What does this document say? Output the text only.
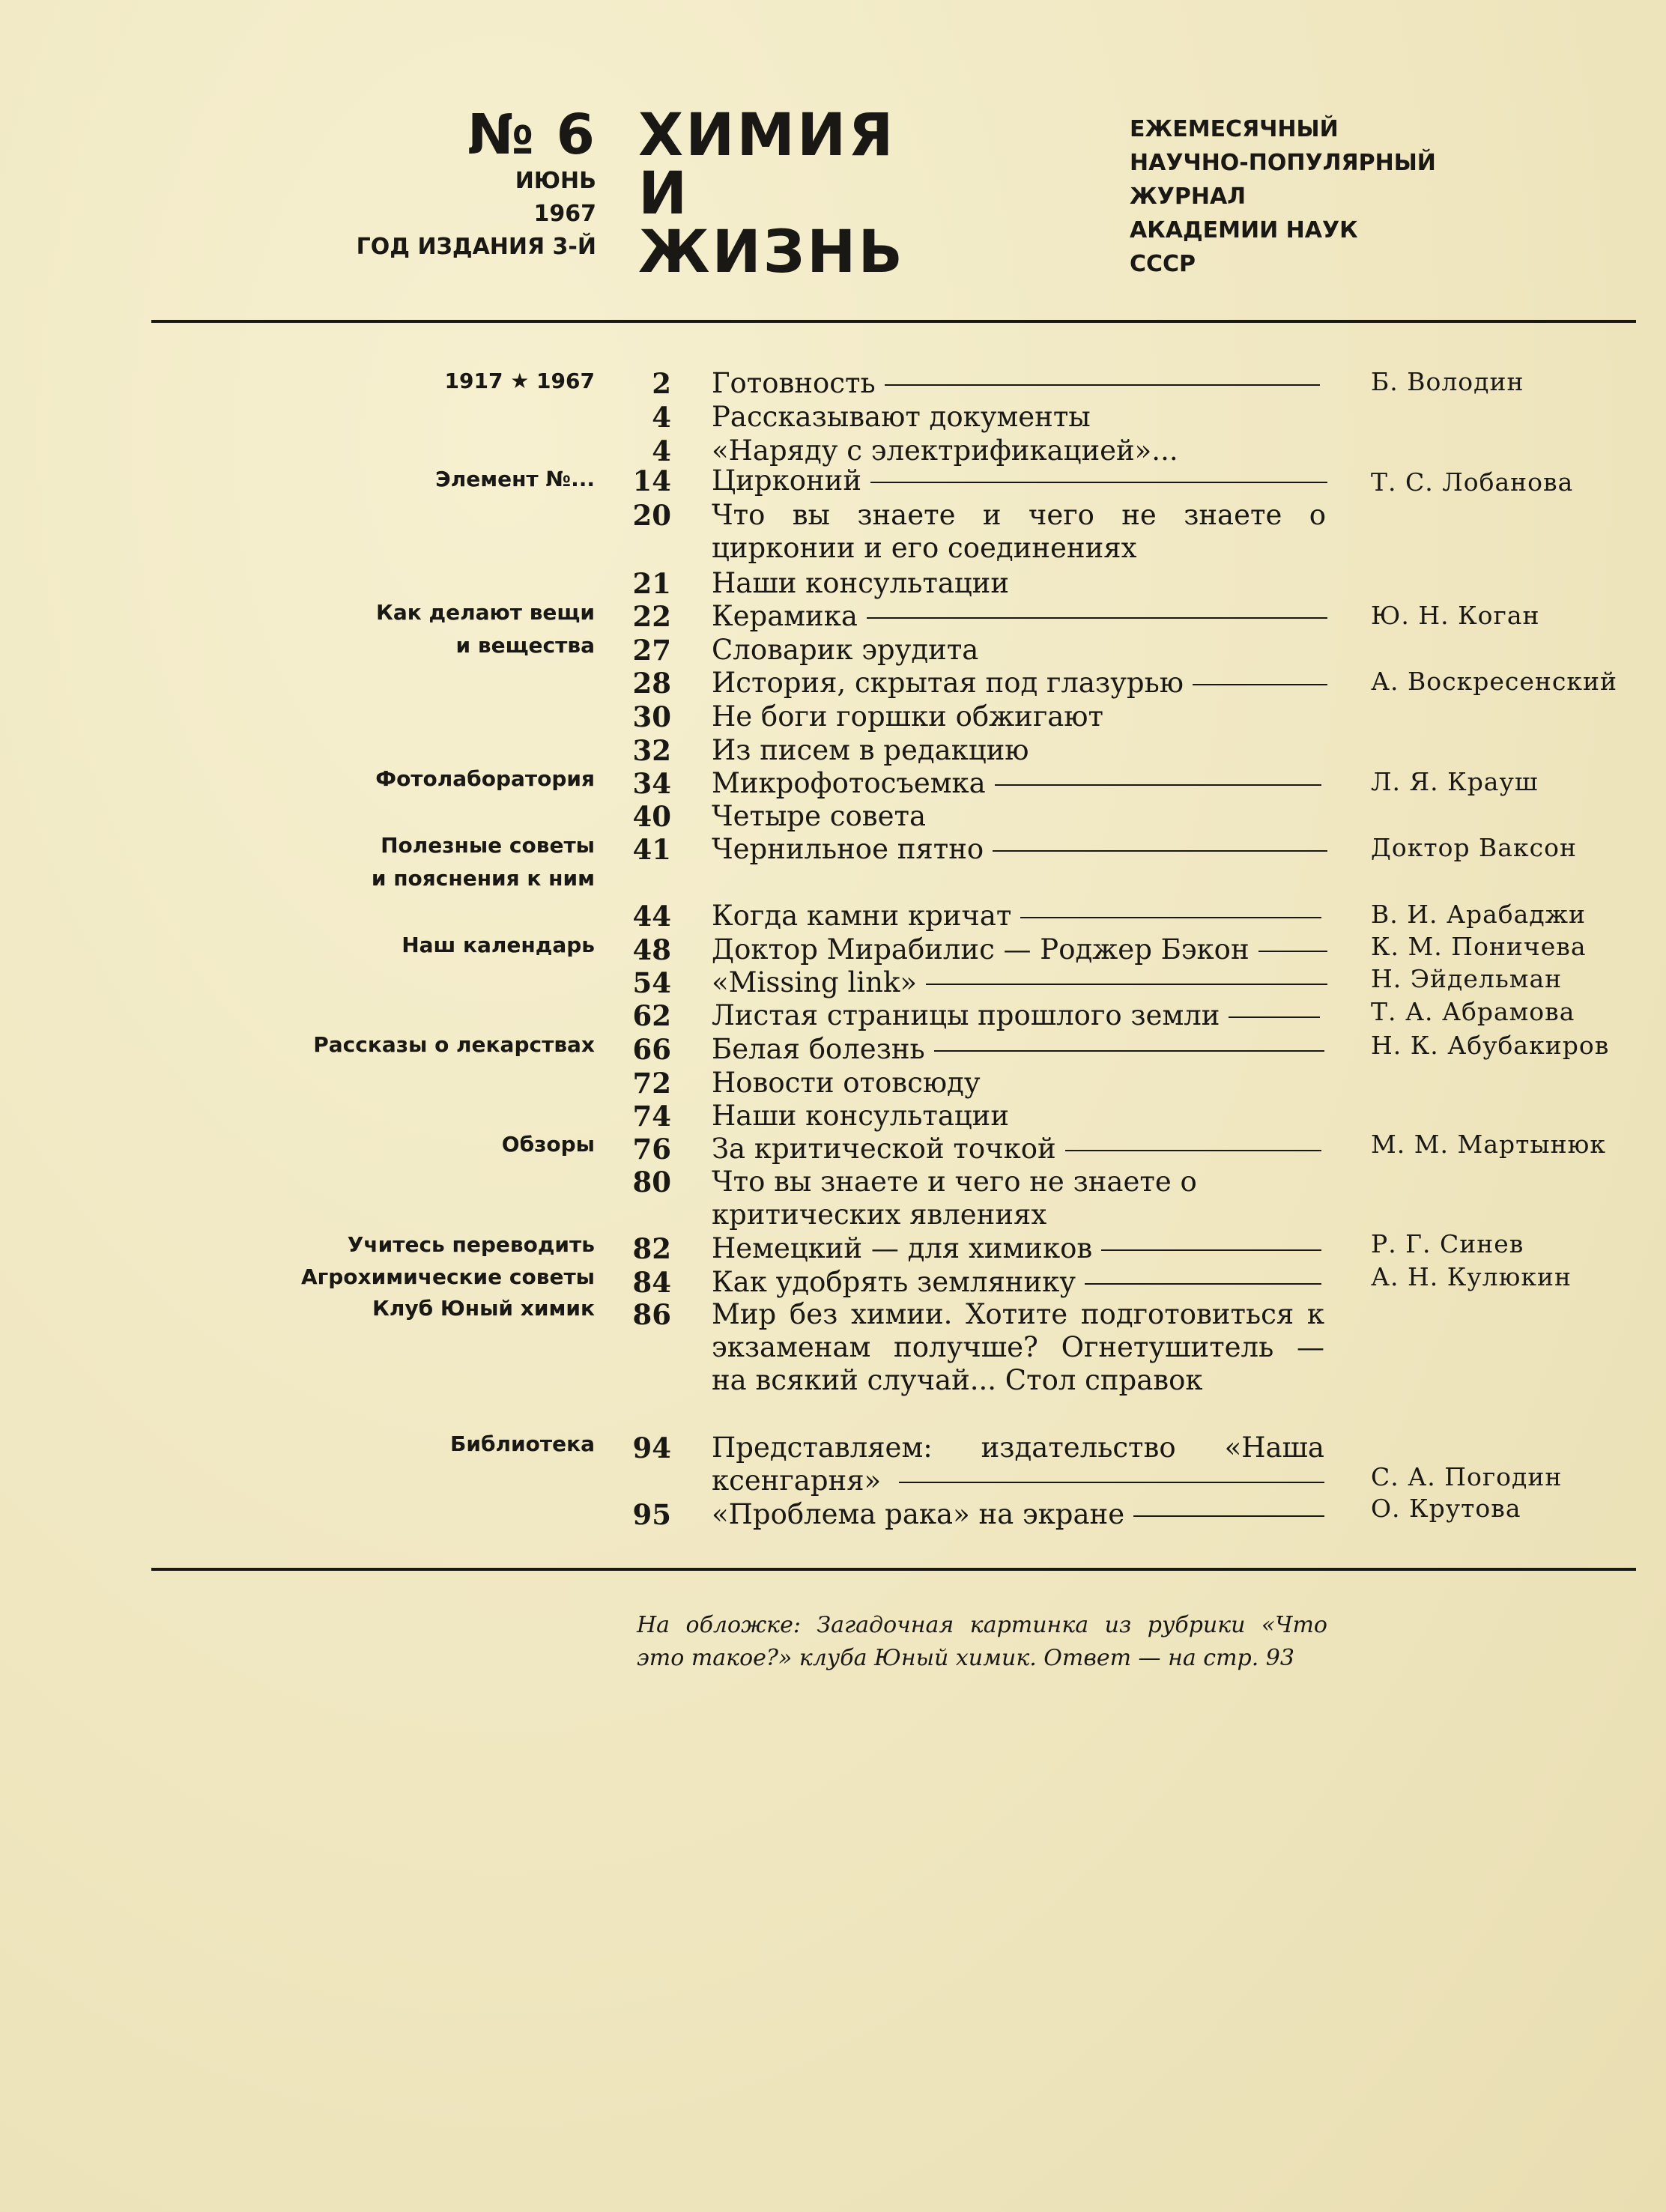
№ 6
ИЮНЬ
1967
ГОД ИЗДАНИЯ 3-Й
ХИМИЯ
И
ЖИЗНЬ
ЕЖЕМЕСЯЧНЫЙ
НАУЧНО-ПОПУЛЯРНЫЙ
ЖУРНАЛ
АКАДЕМИИ НАУК
СССР
1917 ★ 1967 2 Готовность	Б. Володин
4 Рассказывают документы
4 «Наряду с электрификацией»...
Элемент №... 14 Цирконий	Т. С. Лобанова
20 Что вы знаете и чего не знаете о цирконии и его соединениях
21 Наши консультации
Как делают вещи 22 Керамика	Ю. Н. Коган
и вещества 27 Словарик эрудита
28 История, скрытая под глазурью	А. Воскресенский
30 Не боги горшки обжигают
32 Из писем в редакцию
Фотолаборатория 34 Микрофотосъемка	Л. Я. Крауш
40 Четыре совета
Полезные советы 41 Чернильное пятно	Доктор Ваксон
и пояснения к ним
44 Когда камни кричат	В. И. Арабаджи
Наш календарь 48 Доктор Мирабилис — Роджер Бэкон	К. М. Поничева
54 «Missing link»	Н. Эйдельман
62 Листая страницы прошлого земли	Т. А. Абрамова
Рассказы о лекарствах 66 Белая болезнь	Н. К. Абубакиров
72 Новости отовсюду
74 Наши консультации
Обзоры 76 За критической точкой	М. М. Мартынюк
80 Что вы знаете и чего не знаете о критических явлениях
Учитесь переводить 82 Немецкий — для химиков	Р. Г. Синев
Агрохимические советы 84 Как удобрять землянику	А. Н. Кулюкин
Клуб Юный химик 86 Мир без химии. Хотите подготовиться к экзаменам получше? Огнетушитель — на всякий случай... Стол справок
Библиотека 94 Представляем: издательство «Наша ксенгарня»	С. А. Погодин
95 «Проблема рака» на экране	О. Крутова
На обложке: Загадочная картинка из рубрики «Что это такое?» клуба Юный химик. Ответ — на стр. 93
